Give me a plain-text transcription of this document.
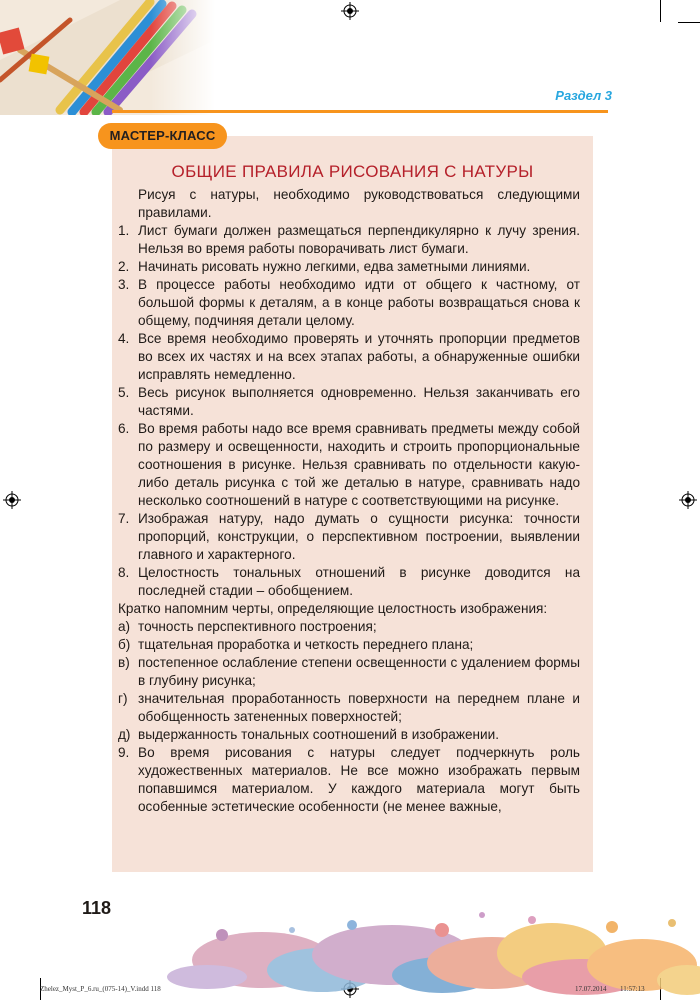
Раздел 3
МАСТЕР-КЛАСС
ОБЩИЕ ПРАВИЛА РИСОВАНИЯ С НАТУРЫ

Рисуя с натуры, необходимо руководствоваться следующими правилами.

1. Лист бумаги должен размещаться перпендикулярно к лучу зрения. Нельзя во время работы поворачивать лист бумаги.
2. Начинать рисовать нужно легкими, едва заметными линиями.
3. В процессе работы необходимо идти от общего к частному, от большой формы к деталям, а в конце работы возвращаться снова к общему, подчиняя детали целому.
4. Все время необходимо проверять и уточнять пропорции предметов во всех их частях и на всех этапах работы, а обнаруженные ошибки исправлять немедленно.
5. Весь рисунок выполняется одновременно. Нельзя заканчивать его частями.
6. Во время работы надо все время сравнивать предметы между собой по размеру и освещенности, находить и строить пропорциональные соотношения в рисунке. Нельзя сравнивать по отдельности какую-либо деталь рисунка с той же деталью в натуре, сравнивать надо несколько соотношений в натуре с соответствующими на рисунке.
7. Изображая натуру, надо думать о сущности рисунка: точности пропорций, конструкции, о перспективном построении, выявлении главного и характерного.
8. Целостность тональных отношений в рисунке доводится на последней стадии – обобщением.

Кратко напомним черты, определяющие целостность изображения:

а) точность перспективного построения;
б) тщательная проработка и четкость переднего плана;
в) постепенное ослабление степени освещенности с удалением формы в глубину рисунка;
г) значительная проработанность поверхности на переднем плане и обобщенность затененных поверхностей;
д) выдержанность тональных соотношений в изображении.
9. Во время рисования с натуры следует подчеркнуть роль художественных материалов. Не все можно изображать первым попавшимся материалом. У каждого материала могут быть особенные эстетические особенности (не менее важные,
118
Zhelez_Myst_P_6.ru_(075-14)_V.indd 118	17.07.2014 11:57:13
